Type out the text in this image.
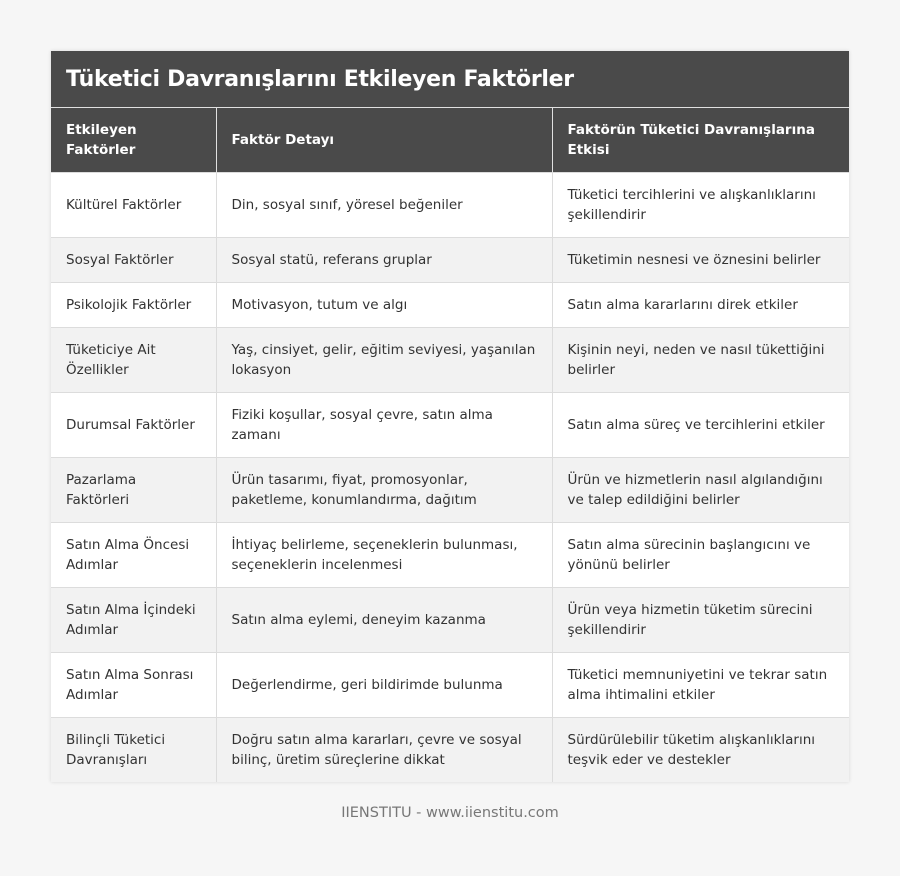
Tüketici Davranışlarını Etkileyen Faktörler
Etkileyen Faktörler	Faktör Detayı	Faktörün Tüketici Davranışlarına Etkisi
Kültürel Faktörler	Din, sosyal sınıf, yöresel beğeniler	Tüketici tercihlerini ve alışkanlıklarını şekillendirir
Sosyal Faktörler	Sosyal statü, referans gruplar	Tüketimin nesnesi ve öznesini belirler
Psikolojik Faktörler	Motivasyon, tutum ve algı	Satın alma kararlarını direk etkiler
Tüketiciye Ait Özellikler	Yaş, cinsiyet, gelir, eğitim seviyesi, yaşanılan lokasyon	Kişinin neyi, neden ve nasıl tükettiğini belirler
Durumsal Faktörler	Fiziki koşullar, sosyal çevre, satın alma zamanı	Satın alma süreç ve tercihlerini etkiler
Pazarlama Faktörleri	Ürün tasarımı, fiyat, promosyonlar, paketleme, konumlandırma, dağıtım	Ürün ve hizmetlerin nasıl algılandığını ve talep edildiğini belirler
Satın Alma Öncesi Adımlar	İhtiyaç belirleme, seçeneklerin bulunması, seçeneklerin incelenmesi	Satın alma sürecinin başlangıcını ve yönünü belirler
Satın Alma İçindeki Adımlar	Satın alma eylemi, deneyim kazanma	Ürün veya hizmetin tüketim sürecini şekillendirir
Satın Alma Sonrası Adımlar	Değerlendirme, geri bildirimde bulunma	Tüketici memnuniyetini ve tekrar satın alma ihtimalini etkiler
Bilinçli Tüketici Davranışları	Doğru satın alma kararları, çevre ve sosyal bilinç, üretim süreçlerine dikkat	Sürdürülebilir tüketim alışkanlıklarını teşvik eder ve destekler
IIENSTITU - www.iienstitu.com
